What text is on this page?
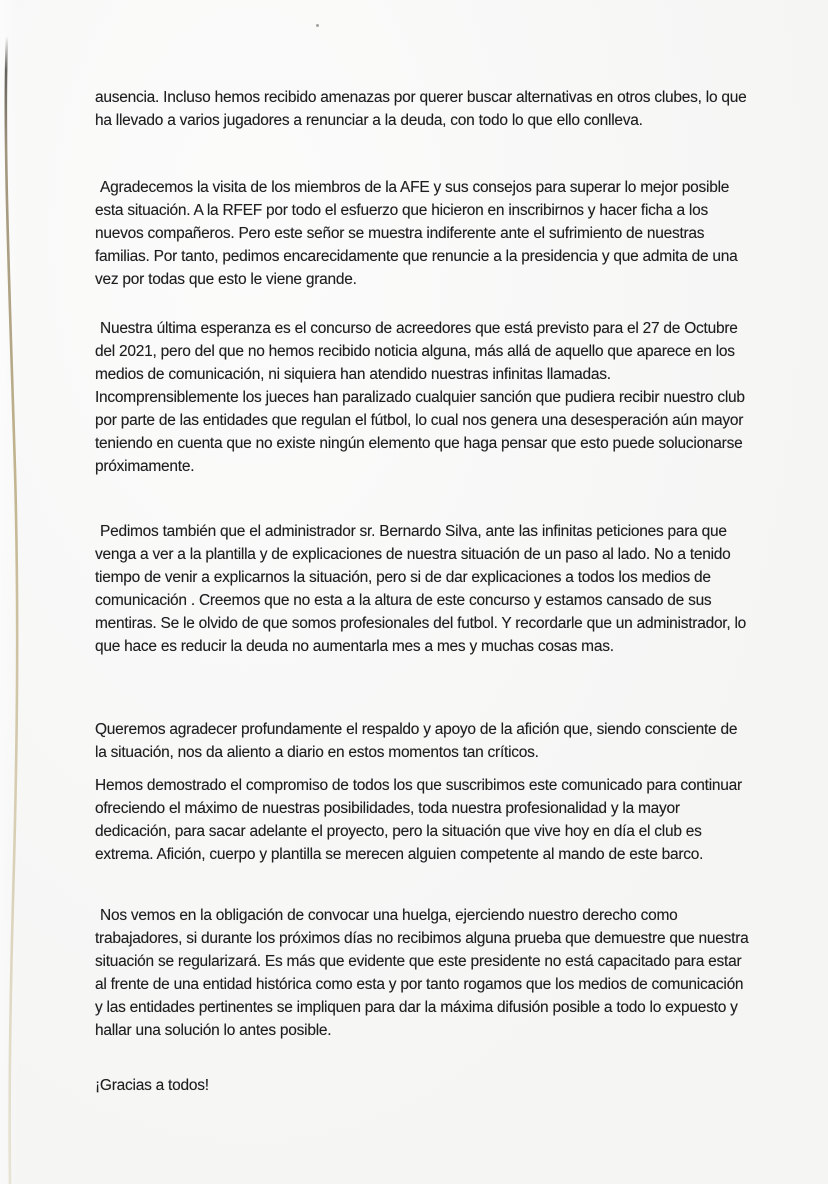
ausencia. Incluso hemos recibido amenazas por querer buscar alternativas en otros clubes, lo que ha llevado a varios jugadores a renunciar a la deuda, con todo lo que ello conlleva.

Agradecemos la visita de los miembros de la AFE y sus consejos para superar lo mejor posible esta situación. A la RFEF por todo el esfuerzo que hicieron en inscribirnos y hacer ficha a los nuevos compañeros. Pero este señor se muestra indiferente ante el sufrimiento de nuestras familias. Por tanto, pedimos encarecidamente que renuncie a la presidencia y que admita de una vez por todas que esto le viene grande.

Nuestra última esperanza es el concurso de acreedores que está previsto para el 27 de Octubre del 2021, pero del que no hemos recibido noticia alguna, más allá de aquello que aparece en los medios de comunicación, ni siquiera han atendido nuestras infinitas llamadas. Incomprensiblemente los jueces han paralizado cualquier sanción que pudiera recibir nuestro club por parte de las entidades que regulan el fútbol, lo cual nos genera una desesperación aún mayor teniendo en cuenta que no existe ningún elemento que haga pensar que esto puede solucionarse próximamente.

Pedimos también que el administrador sr. Bernardo Silva, ante las infinitas peticiones para que venga a ver a la plantilla y de explicaciones de nuestra situación de un paso al lado. No a tenido tiempo de venir a explicarnos la situación, pero si de dar explicaciones a todos los medios de comunicación . Creemos que no esta a la altura de este concurso y estamos cansado de sus mentiras. Se le olvido de que somos profesionales del futbol. Y recordarle que un administrador, lo que hace es reducir la deuda no aumentarla mes a mes y muchas cosas mas.

Queremos agradecer profundamente el respaldo y apoyo de la afición que, siendo consciente de la situación, nos da aliento a diario en estos momentos tan críticos.

Hemos demostrado el compromiso de todos los que suscribimos este comunicado para continuar ofreciendo el máximo de nuestras posibilidades, toda nuestra profesionalidad y la mayor dedicación, para sacar adelante el proyecto, pero la situación que vive hoy en día el club es extrema. Afición, cuerpo y plantilla se merecen alguien competente al mando de este barco.

Nos vemos en la obligación de convocar una huelga, ejerciendo nuestro derecho como trabajadores, si durante los próximos días no recibimos alguna prueba que demuestre que nuestra situación se regularizará. Es más que evidente que este presidente no está capacitado para estar al frente de una entidad histórica como esta y por tanto rogamos que los medios de comunicación y las entidades pertinentes se impliquen para dar la máxima difusión posible a todo lo expuesto y hallar una solución lo antes posible.

¡Gracias a todos!
